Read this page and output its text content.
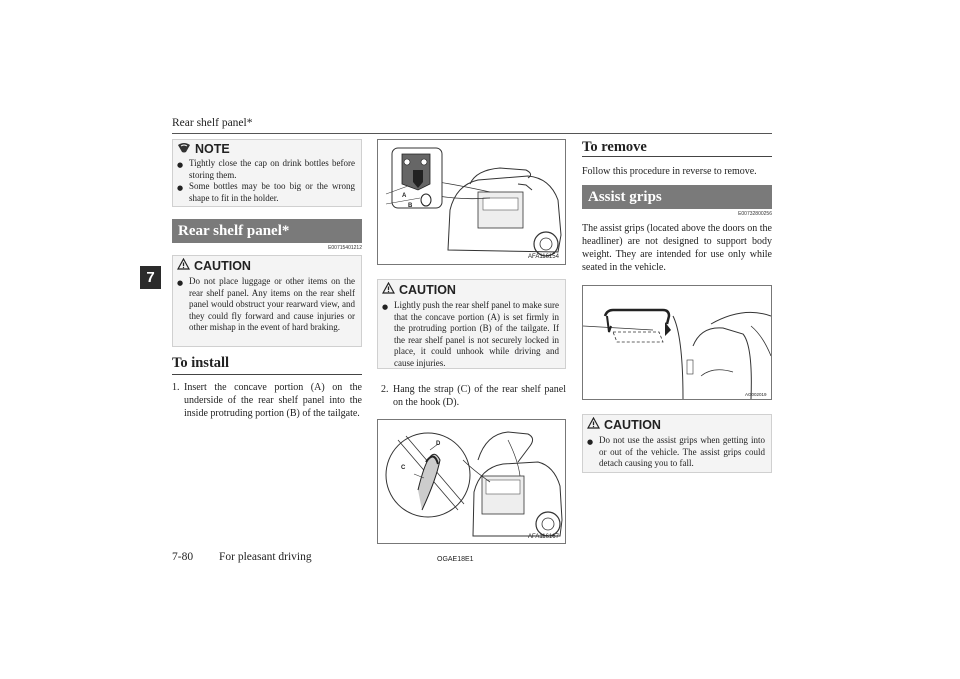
Rear shelf panel*
7
NOTE
● Tightly close the cap on drink bottles before storing them.
● Some bottles may be too big or the wrong shape to fit in the holder.
Rear shelf panel*
E00715401212
CAUTION
● Do not place luggage or other items on the rear shelf panel. Any items on the rear shelf panel would obstruct your rearward view, and they could fly forward and cause injuries or other mishap in the event of hard braking.
To install
1. Insert the concave portion (A) on the underside of the rear shelf panel into the inside protruding portion (B) of the tailgate.
A
B
AFA116154
CAUTION
● Lightly push the rear shelf panel to make sure that the concave portion (A) is set firmly in the protruding portion (B) of the tailgate. If the rear shelf panel is not securely locked in place, it could unhook while driving and cause injuries.
2. Hang the strap (C) of the rear shelf panel on the hook (D).
D
C
AFA116167
To remove
Follow this procedure in reverse to remove.
Assist grips
E00732800256
The assist grips (located above the doors on the headliner) are not designed to support body weight. They are intended for use only while seated in the vehicle.
AG002019
CAUTION
● Do not use the assist grips when getting into or out of the vehicle. The assist grips could detach causing you to fall.
7-80 For pleasant driving	OGAE18E1
